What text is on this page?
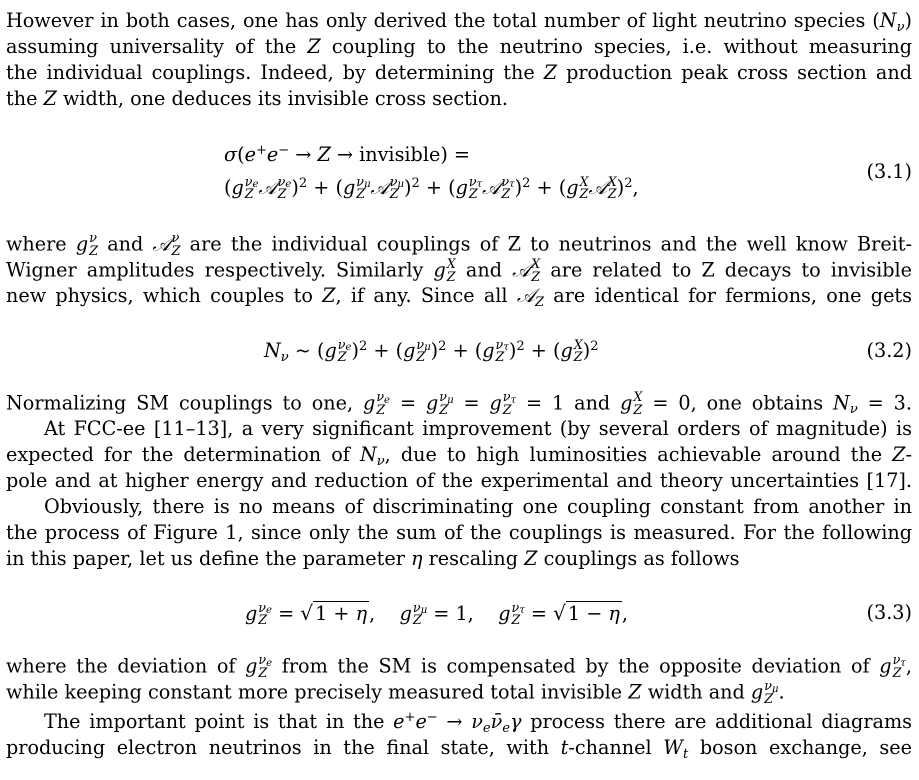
However in both cases, one has only derived the total number of light neutrino species $(N_\nu)$
assuming universality of the Z coupling to the neutrino species, i.e. without measuring
the individual couplings. Indeed, by determining the Z production peak cross section and
the Z width, one deduces its invisible cross section.
σ(e+e− → Z → invisible) =
(g $\nu_e$
Z 𝒜 $\nu_e$
Z )$^2$ + (g $\nu_\mu$
Z 𝒜 $\nu_\mu$
Z )$^2$ + (g $\nu_\tau$
Z 𝒜 $\nu_\tau$
Z )$^2$ + (g X
Z 𝒜 X
Z )$^2$,
(3.1)
where g ν
Z and 𝒜 ν
Z are the individual couplings of Z to neutrinos and the well know Breit-
Wigner amplitudes respectively. Similarly g X
Z and 𝒜 X
Z are related to Z decays to invisible
new physics, which couples to Z, if any. Since all 𝒜$_Z$ are identical for fermions, one gets
$N_\nu$ ∼ (g $\nu_e$
Z )$^2$ + (g $\nu_\mu$
Z )$^2$ + (g $\nu_\tau$
Z )$^2$ + (g X
Z )$^2$	(3.2)
Normalizing SM couplings to one, g $\nu_e$
Z = g $\nu_\mu$
Z = g $\nu_\tau$
Z = 1 and g X
Z = 0, one obtains $N_\nu = 3$.
At FCC-ee [11–13], a very significant improvement (by several orders of magnitude) is
expected for the determination of $N_\nu$, due to high luminosities achievable around the Z-
pole and at higher energy and reduction of the experimental and theory uncertainties [17].
Obviously, there is no means of discriminating one coupling constant from another in
the process of Figure 1, since only the sum of the couplings is measured. For the following
in this paper, let us define the parameter η rescaling Z couplings as follows
g $\nu_e$
Z = √ 1 + η ,    g $\nu_\mu$
Z = 1,    g $\nu_\tau$
Z = √ 1 − η ,	(3.3)
where the deviation of g $\nu_e$
Z from the SM is compensated by the opposite deviation of g $\nu_\tau$
Z ,
while keeping constant more precisely measured total invisible Z width and g $\nu_\mu$
Z .
The important point is that in the $e^+e^- \to \nu_e\nū_e\gamma$ process there are additional diagrams
producing electron neutrinos in the final state, with t-channel $W_t$ boson exchange, see
